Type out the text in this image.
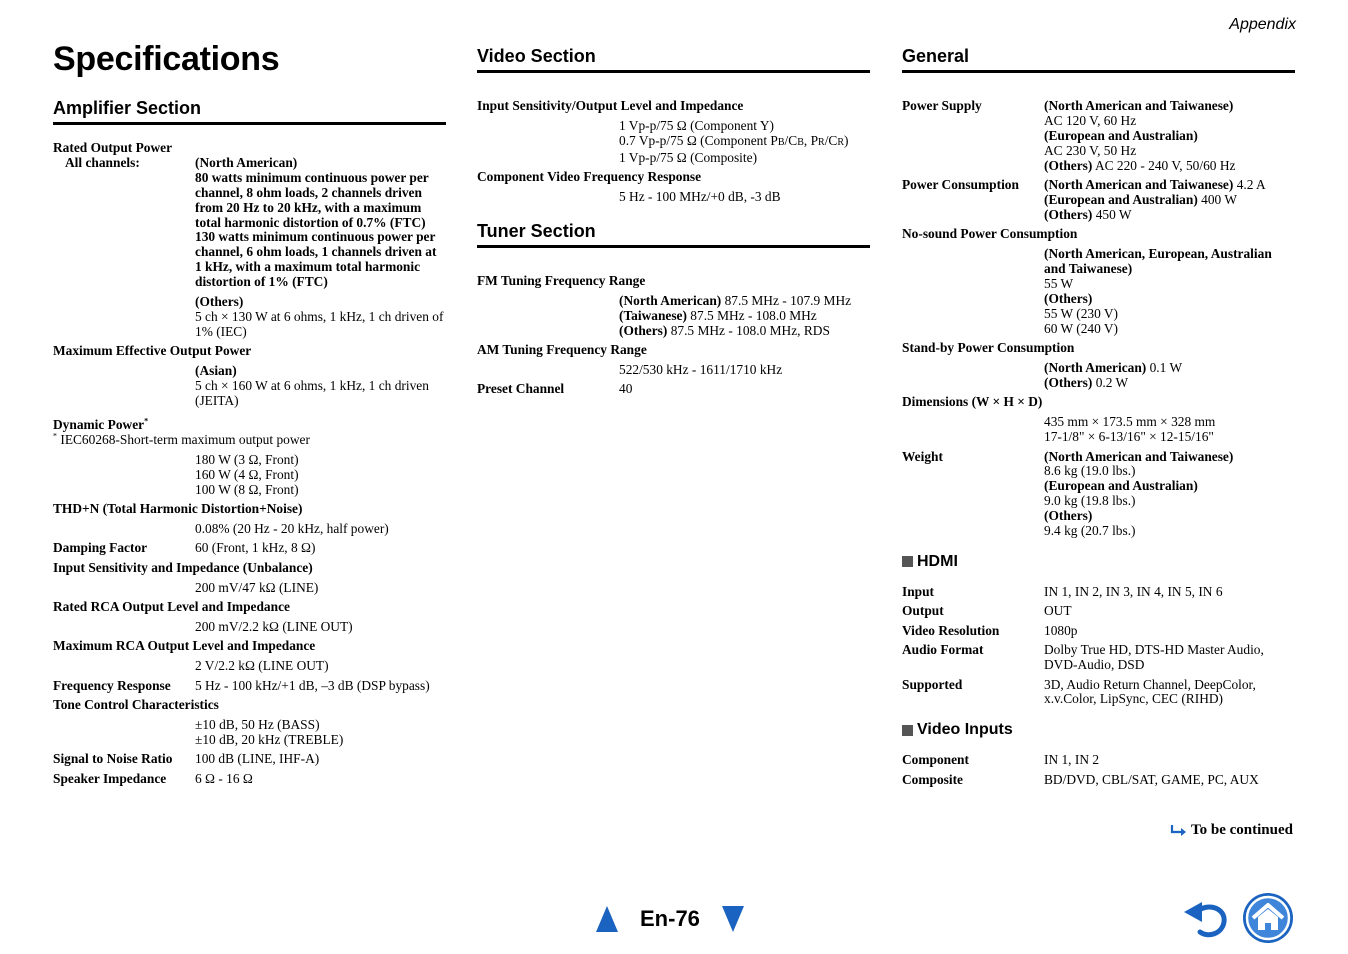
Appendix
Specifications
Amplifier Section
Rated Output Power
All channels:	(North American)
80 watts minimum continuous power per channel, 8 ohm loads, 2 channels driven from 20 Hz to 20 kHz, with a maximum total harmonic distortion of 0.7% (FTC) 130 watts minimum continuous power per channel, 6 ohm loads, 1 channels driven at 1 kHz, with a maximum total harmonic distortion of 1% (FTC)
(Others)
5 ch × 130 W at 6 ohms, 1 kHz, 1 ch driven of 1% (IEC)
Maximum Effective Output Power
(Asian)
5 ch × 160 W at 6 ohms, 1 kHz, 1 ch driven (JEITA)
Dynamic Power*
* IEC60268-Short-term maximum output power
180 W (3 Ω, Front)
160 W (4 Ω, Front)
100 W (8 Ω, Front)
THD+N (Total Harmonic Distortion+Noise)
0.08% (20 Hz - 20 kHz, half power)
Damping Factor	60 (Front, 1 kHz, 8 Ω)
Input Sensitivity and Impedance (Unbalance)
200 mV/47 kΩ (LINE)
Rated RCA Output Level and Impedance
200 mV/2.2 kΩ (LINE OUT)
Maximum RCA Output Level and Impedance
2 V/2.2 kΩ (LINE OUT)
Frequency Response	5 Hz - 100 kHz/+1 dB, –3 dB (DSP bypass)
Tone Control Characteristics
±10 dB, 50 Hz (BASS)
±10 dB, 20 kHz (TREBLE)
Signal to Noise Ratio	100 dB (LINE, IHF-A)
Speaker Impedance	6 Ω - 16 Ω
Video Section
Input Sensitivity/Output Level and Impedance
1 Vp-p/75 Ω (Component Y)
0.7 Vp-p/75 Ω (Component PB/CB, PR/CR)
1 Vp-p/75 Ω (Composite)
Component Video Frequency Response
5 Hz - 100 MHz/+0 dB, -3 dB
Tuner Section
FM Tuning Frequency Range
(North American) 87.5 MHz - 107.9 MHz
(Taiwanese) 87.5 MHz - 108.0 MHz
(Others) 87.5 MHz - 108.0 MHz, RDS
AM Tuning Frequency Range
522/530 kHz - 1611/1710 kHz
Preset Channel	40
General
Power Supply	(North American and Taiwanese)
AC 120 V, 60 Hz
(European and Australian)
AC 230 V, 50 Hz
(Others) AC 220 - 240 V, 50/60 Hz
Power Consumption	(North American and Taiwanese) 4.2 A
(European and Australian) 400 W
(Others) 450 W
No-sound Power Consumption
(North American, European, Australian and Taiwanese)
55 W
(Others)
55 W (230 V)
60 W (240 V)
Stand-by Power Consumption
(North American) 0.1 W
(Others) 0.2 W
Dimensions (W × H × D)
435 mm × 173.5 mm × 328 mm
17-1/8" × 6-13/16" × 12-15/16"
Weight	(North American and Taiwanese)
8.6 kg (19.0 lbs.)
(European and Australian)
9.0 kg (19.8 lbs.)
(Others)
9.4 kg (20.7 lbs.)
HDMI
Input	IN 1, IN 2, IN 3, IN 4, IN 5, IN 6
Output	OUT
Video Resolution	1080p
Audio Format	Dolby True HD, DTS-HD Master Audio, DVD-Audio, DSD
Supported	3D, Audio Return Channel, DeepColor, x.v.Color, LipSync, CEC (RIHD)
Video Inputs
Component	IN 1, IN 2
Composite	BD/DVD, CBL/SAT, GAME, PC, AUX
To be continued
En-76
